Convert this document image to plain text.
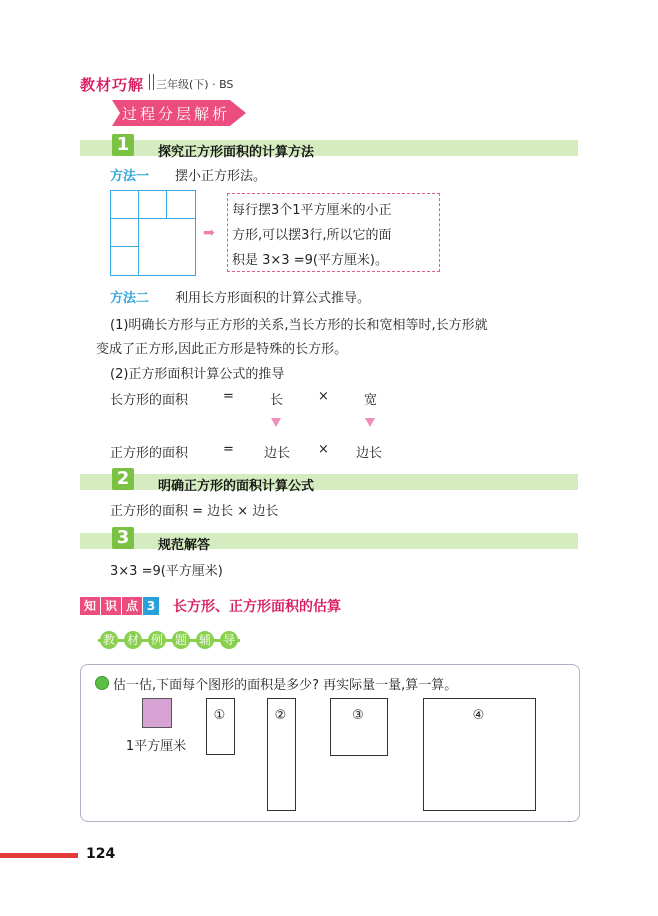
教材巧解 三年级(下) · BS
过程分层解析
1	探究正方形面积的计算方法
方法一 摆小正方形法。
➡
每行摆3个1平方厘米的小正
方形,可以摆3行,所以它的面
积是 3×3 =9(平方厘米)。
方法二 利用长方形面积的计算公式推导。
(1)明确长方形与正方形的关系,当长方形的长和宽相等时,长方形就
变成了正方形,因此正方形是特殊的长方形。
(2)正方形面积计算公式的推导
长方形的面积	=	长	×	宽
正方形的面积	= 边长 × 边长
2	明确正方形的面积计算公式
正方形的面积 = 边长 × 边长
3	规范解答
3×3 =9(平方厘米)
知 识 点 3 长方形、正方形面积的估算
教 材 例 题 辅 导
估一估,下面每个图形的面积是多少? 再实际量一量,算一算。
1平方厘米
①	②	③	④
124
